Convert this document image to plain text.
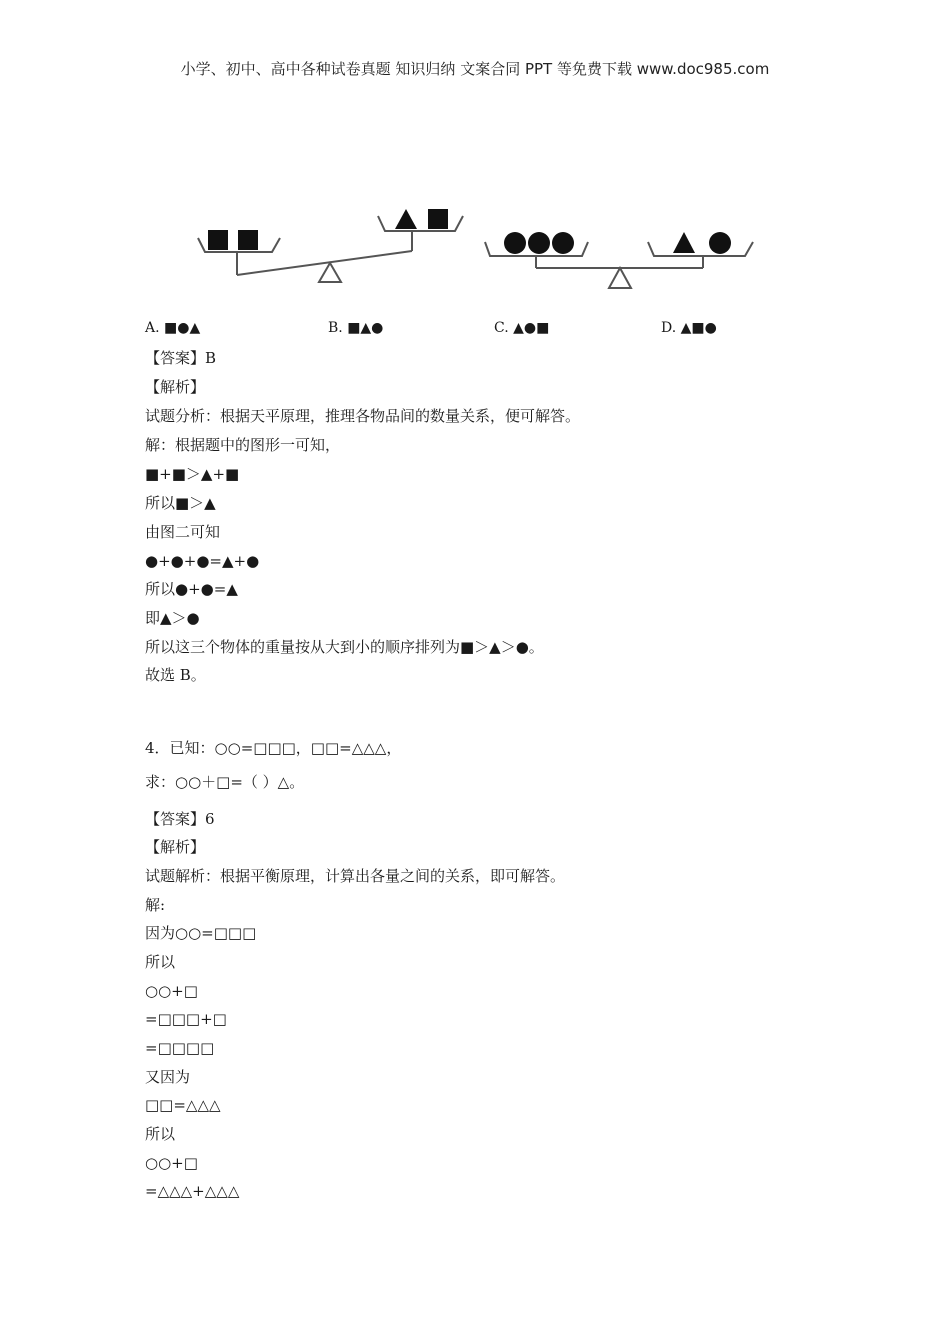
小学、初中、高中各种试卷真题 知识归纳 文案合同 PPT 等免费下载 www.doc985.com
A. ■●▲	B. ■▲●	C. ▲●■	D. ▲■●
【答案】B
【解析】
试题分析：根据天平原理，推理各物品间的数量关系，便可解答。
解：根据题中的图形一可知，
■+■＞▲+■
所以■＞▲
由图二可知
●+●+●=▲+●
所以●+●=▲
即▲＞●
所以这三个物体的重量按从大到小的顺序排列为■＞▲＞●。
故选 B。
4．已知：○○=□□□，□□=△△△，
求：○○＋□=（ ）△。
【答案】6
【解析】
试题解析：根据平衡原理，计算出各量之间的关系，即可解答。
解:
因为○○=□□□
所以
○○+□
=□□□+□
=□□□□
又因为
□□=△△△
所以
○○+□
=△△△+△△△
